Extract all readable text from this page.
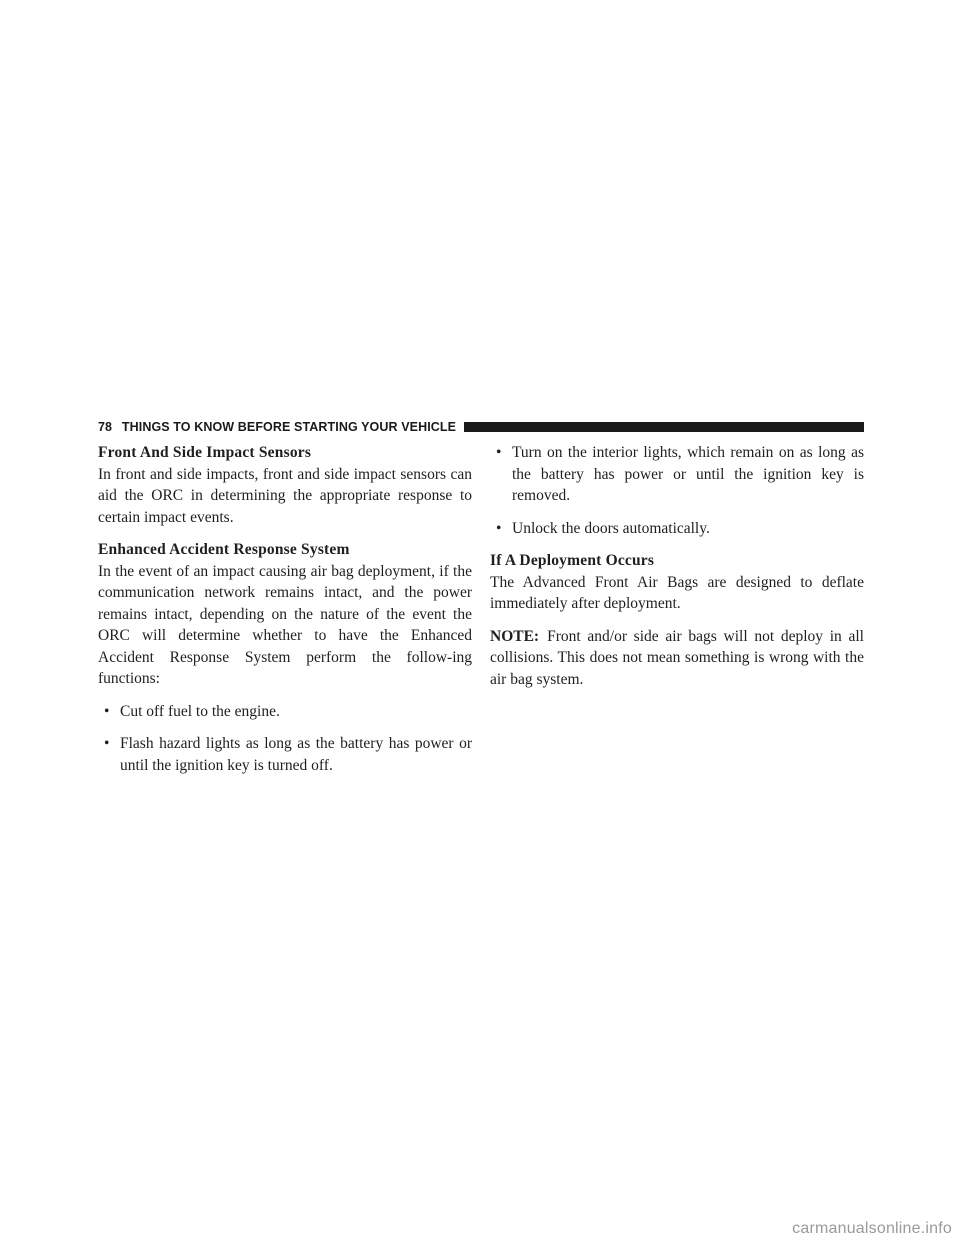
78 THINGS TO KNOW BEFORE STARTING YOUR VEHICLE

Front And Side Impact Sensors

In front and side impacts, front and side impact sensors can aid the ORC in determining the appropriate response to certain impact events.

Enhanced Accident Response System

In the event of an impact causing air bag deployment, if the communication network remains intact, and the power remains intact, depending on the nature of the event the ORC will determine whether to have the Enhanced Accident Response System perform the follow-ing functions:

• Cut off fuel to the engine.
• Flash hazard lights as long as the battery has power or until the ignition key is turned off.
• Turn on the interior lights, which remain on as long as the battery has power or until the ignition key is removed.
• Unlock the doors automatically.

If A Deployment Occurs

The Advanced Front Air Bags are designed to deflate immediately after deployment.

NOTE: Front and/or side air bags will not deploy in all collisions. This does not mean something is wrong with the air bag system.

carmanualsonline.info
